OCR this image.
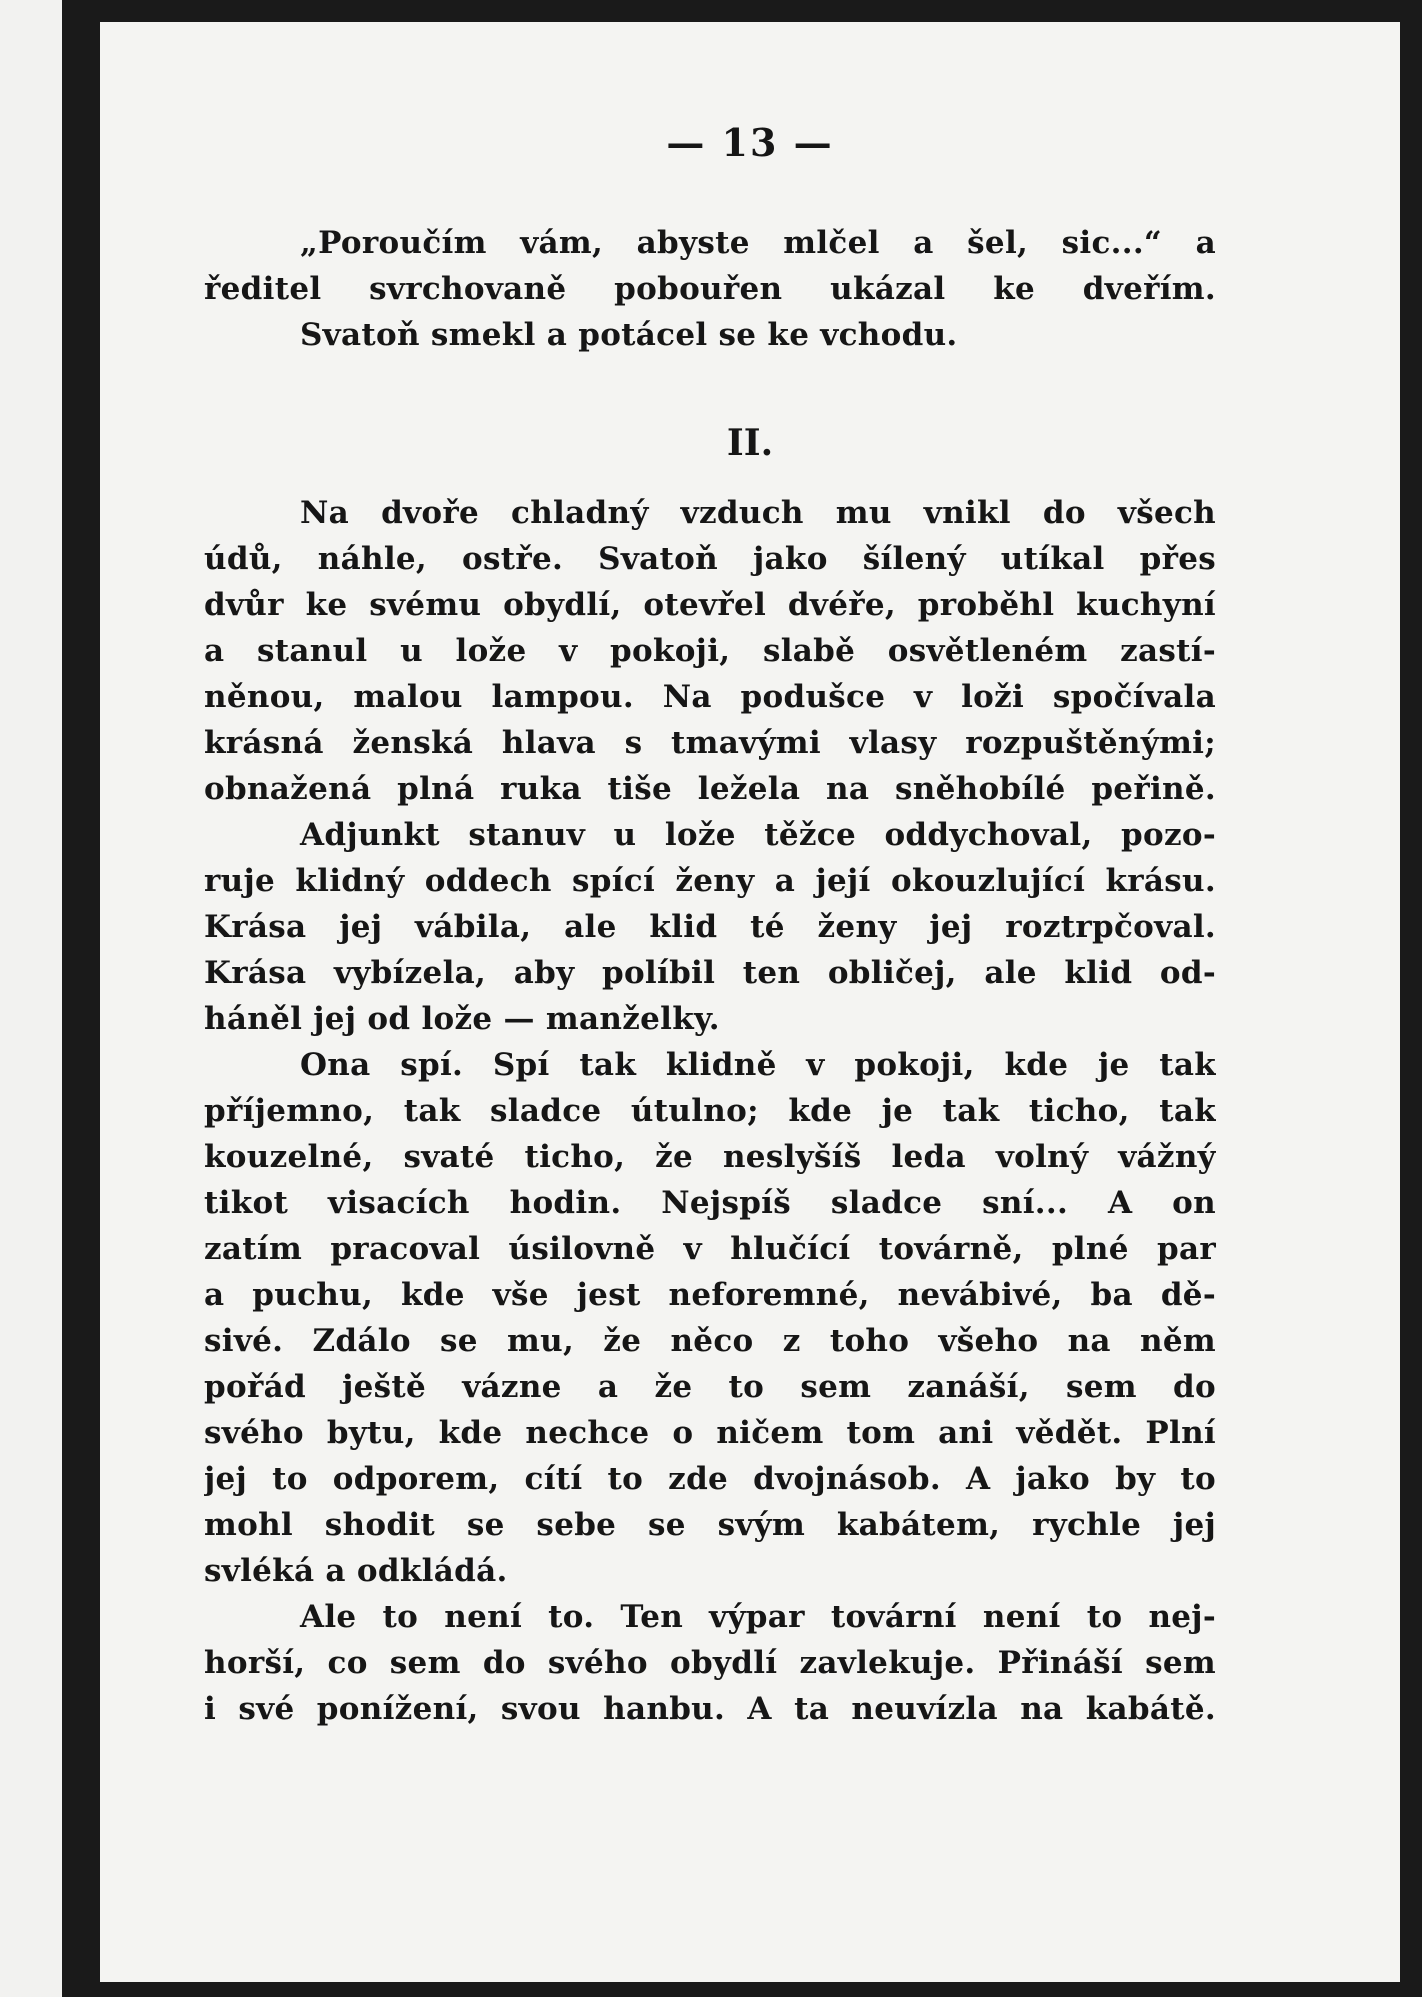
— 13 —
„Poroučím vám, abyste mlčel a šel, sic...“ a
ředitel svrchovaně pobouřen ukázal ke dveřím.
Svatoň smekl a potácel se ke vchodu.
II.
Na dvoře chladný vzduch mu vnikl do všech
údů, náhle, ostře. Svatoň jako šílený utíkal přes
dvůr ke svému obydlí, otevřel dvéře, proběhl kuchyní
a stanul u lože v pokoji, slabě osvětleném zastí-
něnou, malou lampou. Na podušce v loži spočívala
krásná ženská hlava s tmavými vlasy rozpuštěnými;
obnažená plná ruka tiše ležela na sněhobílé peřině.
Adjunkt stanuv u lože těžce oddychoval, pozo-
ruje klidný oddech spící ženy a její okouzlující krásu.
Krása jej vábila, ale klid té ženy jej roztrpčoval.
Krása vybízela, aby políbil ten obličej, ale klid od-
háněl jej od lože — manželky.
Ona spí. Spí tak klidně v pokoji, kde je tak
příjemno, tak sladce útulno; kde je tak ticho, tak
kouzelné, svaté ticho, že neslyšíš leda volný vážný
tikot visacích hodin. Nejspíš sladce sní... A on
zatím pracoval úsilovně v hlučící továrně, plné par
a puchu, kde vše jest neforemné, nevábivé, ba dě-
sivé. Zdálo se mu, že něco z toho všeho na něm
pořád ještě vázne a že to sem zanáší, sem do
svého bytu, kde nechce o ničem tom ani vědět. Plní
jej to odporem, cítí to zde dvojnásob. A jako by to
mohl shodit se sebe se svým kabátem, rychle jej
svléká a odkládá.
Ale to není to. Ten výpar tovární není to nej-
horší, co sem do svého obydlí zavlekuje. Přináší sem
i své ponížení, svou hanbu. A ta neuvízla na kabátě.
